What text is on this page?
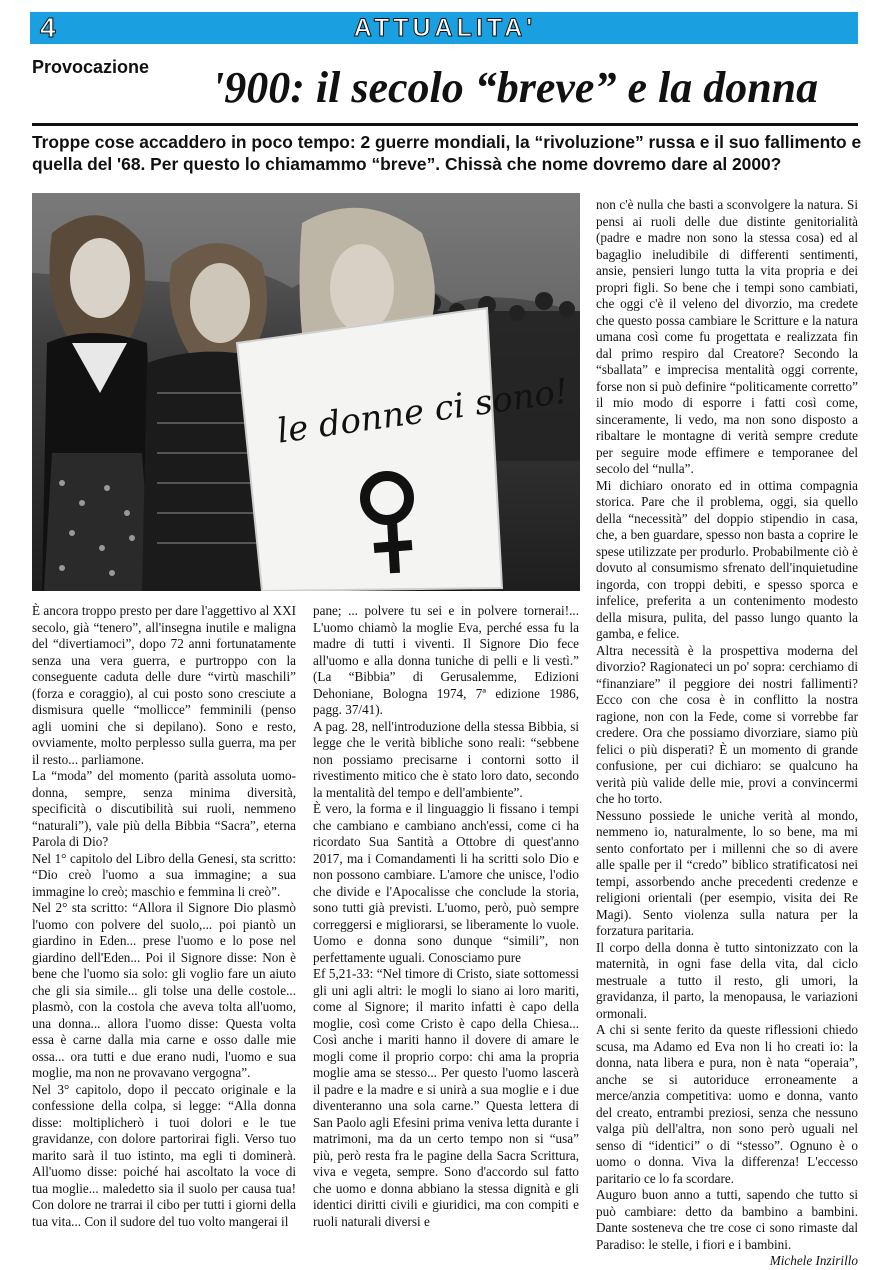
4	ATTUALITA'
Provocazione '900: il secolo “breve” e la donna
Troppe cose accaddero in poco tempo: 2 guerre mondiali, la “rivoluzione” russa e il suo fallimento e quella del '68. Per questo lo chiamammo “breve”. Chissà che nome dovremo dare al 2000?
le donne ci sono!

È ancora troppo presto per dare l'aggettivo al XXI secolo, già “tenero”, all'insegna inutile e maligna del “divertiamoci”, dopo 72 anni fortunatamente senza una vera guerra, e purtroppo con la conseguente caduta delle dure “virtù maschili” (forza e coraggio), al cui posto sono cresciute a dismisura quelle “mollicce” femminili (penso agli uomini che si depilano). Sono e resto, ovviamente, molto perplesso sulla guerra, ma per il resto... parliamone.

La “moda” del momento (parità assoluta uomo-donna, sempre, senza minima diversità, specificità o discutibilità sui ruoli, nemmeno “naturali”), vale più della Bibbia “Sacra”, eterna Parola di Dio?

Nel 1° capitolo del Libro della Genesi, sta scritto: “Dio creò l'uomo a sua immagine; a sua immagine lo creò; maschio e femmina li creò”.

Nel 2° sta scritto: “Allora il Signore Dio plasmò l'uomo con polvere del suolo,... poi piantò un giardino in Eden... prese l'uomo e lo pose nel giardino dell'Eden... Poi il Signore disse: Non è bene che l'uomo sia solo: gli voglio fare un aiuto che gli sia simile... gli tolse una delle costole... plasmò, con la costola che aveva tolta all'uomo, una donna... allora l'uomo disse: Questa volta essa è carne dalla mia carne e osso dalle mie ossa... ora tutti e due erano nudi, l'uomo e sua moglie, ma non ne provavano vergogna”.

Nel 3° capitolo, dopo il peccato originale e la confessione della colpa, si legge: “Alla donna disse: moltiplicherò i tuoi dolori e le tue gravidanze, con dolore partorirai figli. Verso tuo marito sarà il tuo istinto, ma egli ti dominerà. All'uomo disse: poiché hai ascoltato la voce di tua moglie... maledetto sia il suolo per causa tua! Con dolore ne trarrai il cibo per tutti i giorni della tua vita... Con il sudore del tuo volto mangerai il

pane; ... polvere tu sei e in polvere tornerai!... L'uomo chiamò la moglie Eva, perché essa fu la madre di tutti i viventi. Il Signore Dio fece all'uomo e alla donna tuniche di pelli e li vestì.” (La “Bibbia” di Gerusalemme, Edizioni Dehoniane, Bologna 1974, 7ª edizione 1986, pagg. 37/41).

A pag. 28, nell'introduzione della stessa Bibbia, si legge che le verità bibliche sono reali: “sebbene non possiamo precisarne i contorni sotto il rivestimento mitico che è stato loro dato, secondo la mentalità del tempo e dell'ambiente”.

È vero, la forma e il linguaggio li fissano i tempi che cambiano e cambiano anch'essi, come ci ha ricordato Sua Santità a Ottobre di quest'anno 2017, ma i Comandamenti li ha scritti solo Dio e non possono cambiare. L'amore che unisce, l'odio che divide e l'Apocalisse che conclude la storia, sono tutti già previsti. L'uomo, però, può sempre correggersi e migliorarsi, se liberamente lo vuole. Uomo e donna sono dunque “simili”, non perfettamente uguali. Conosciamo pure

Ef 5,21-33: “Nel timore di Cristo, siate sottomessi gli uni agli altri: le mogli lo siano ai loro mariti, come al Signore; il marito infatti è capo della moglie, così come Cristo è capo della Chiesa... Così anche i mariti hanno il dovere di amare le mogli come il proprio corpo: chi ama la propria moglie ama se stesso... Per questo l'uomo lascerà il padre e la madre e si unirà a sua moglie e i due diventeranno una sola carne.” Questa lettera di San Paolo agli Efesini prima veniva letta durante i matrimoni, ma da un certo tempo non si “usa” più, però resta fra le pagine della Sacra Scrittura, viva e vegeta, sempre. Sono d'accordo sul fatto che uomo e donna abbiano la stessa dignità e gli identici diritti civili e giuridici, ma con compiti e ruoli naturali diversi e

non c'è nulla che basti a sconvolgere la natura. Si pensi ai ruoli delle due distinte genitorialità (padre e madre non sono la stessa cosa) ed al bagaglio ineludibile di differenti sentimenti, ansie, pensieri lungo tutta la vita propria e dei propri figli. So bene che i tempi sono cambiati, che oggi c'è il veleno del divorzio, ma credete che questo possa cambiare le Scritture e la natura umana così come fu progettata e realizzata fin dal primo respiro dal Creatore? Secondo la “sballata” e imprecisa mentalità oggi corrente, forse non si può definire “politicamente corretto” il mio modo di esporre i fatti così come, sinceramente, li vedo, ma non sono disposto a ribaltare le montagne di verità sempre credute per seguire mode effimere e temporanee del secolo del “nulla”.

Mi dichiaro onorato ed in ottima compagnia storica. Pare che il problema, oggi, sia quello della “necessità” del doppio stipendio in casa, che, a ben guardare, spesso non basta a coprire le spese utilizzate per produrlo. Probabilmente ciò è dovuto al consumismo sfrenato dell'inquietudine ingorda, con troppi debiti, e spesso sporca e infelice, preferita a un contenimento modesto della misura, pulita, del passo lungo quanto la gamba, e felice.

Altra necessità è la prospettiva moderna del divorzio? Ragionateci un po' sopra: cerchiamo di “finanziare” il peggiore dei nostri fallimenti? Ecco con che cosa è in conflitto la nostra ragione, non con la Fede, come si vorrebbe far credere. Ora che possiamo divorziare, siamo più felici o più disperati? È un momento di grande confusione, per cui dichiaro: se qualcuno ha verità più valide delle mie, provi a convincermi che ho torto.

Nessuno possiede le uniche verità al mondo, nemmeno io, naturalmente, lo so bene, ma mi sento confortato per i millenni che so di avere alle spalle per il “credo” biblico stratificatosi nei tempi, assorbendo anche precedenti credenze e religioni orientali (per esempio, visita dei Re Magi). Sento violenza sulla natura per la forzatura paritaria.

Il corpo della donna è tutto sintonizzato con la maternità, in ogni fase della vita, dal ciclo mestruale a tutto il resto, gli umori, la gravidanza, il parto, la menopausa, le variazioni ormonali.

A chi si sente ferito da queste riflessioni chiedo scusa, ma Adamo ed Eva non li ho creati io: la donna, nata libera e pura, non è nata “operaia”, anche se si autoriduce erroneamente a merce/anzia competitiva: uomo e donna, vanto del creato, entrambi preziosi, senza che nessuno valga più dell'altra, non sono però uguali nel senso di “identici” o di “stesso”. Ognuno è o uomo o donna. Viva la differenza! L'eccesso paritario ce lo fa scordare.

Auguro buon anno a tutti, sapendo che tutto si può cambiare: detto da bambino a bambini. Dante sosteneva che tre cose ci sono rimaste dal Paradiso: le stelle, i fiori e i bambini.

Michele Inzirillo
